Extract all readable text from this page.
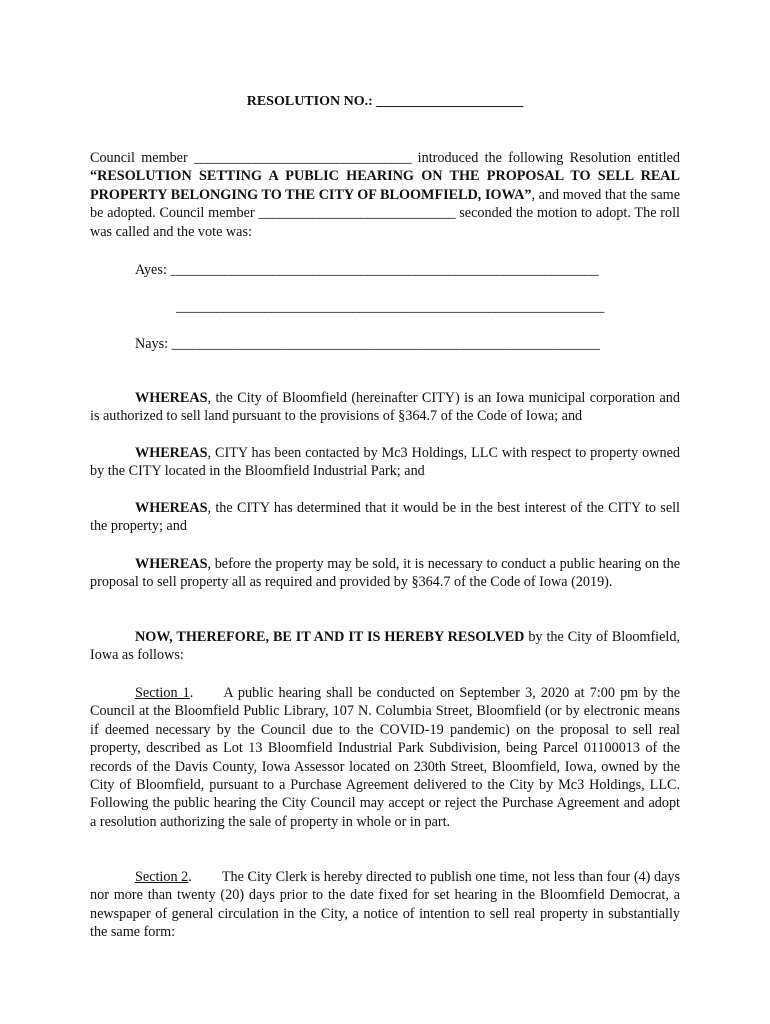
RESOLUTION NO.: _____________________
Council member ________________________________ introduced the following Resolution entitled “RESOLUTION SETTING A PUBLIC HEARING ON THE PROPOSAL TO SELL REAL PROPERTY BELONGING TO THE CITY OF BLOOMFIELD, IOWA”, and moved that the same be adopted. Council member _____________________________ seconded the motion to adopt. The roll was called and the vote was:
Ayes: _______________________________________________________________
_______________________________________________________________
Nays: _______________________________________________________________
WHEREAS, the City of Bloomfield (hereinafter CITY) is an Iowa municipal corporation and is authorized to sell land pursuant to the provisions of §364.7 of the Code of Iowa; and
WHEREAS, CITY has been contacted by Mc3 Holdings, LLC with respect to property owned by the CITY located in the Bloomfield Industrial Park; and
WHEREAS, the CITY has determined that it would be in the best interest of the CITY to sell the property; and
WHEREAS, before the property may be sold, it is necessary to conduct a public hearing on the proposal to sell property all as required and provided by §364.7 of the Code of Iowa (2019).
NOW, THEREFORE, BE IT AND IT IS HEREBY RESOLVED by the City of Bloomfield, Iowa as follows:
Section 1. A public hearing shall be conducted on September 3, 2020 at 7:00 pm by the Council at the Bloomfield Public Library, 107 N. Columbia Street, Bloomfield (or by electronic means if deemed necessary by the Council due to the COVID-19 pandemic) on the proposal to sell real property, described as Lot 13 Bloomfield Industrial Park Subdivision, being Parcel 01100013 of the records of the Davis County, Iowa Assessor located on 230th Street, Bloomfield, Iowa, owned by the City of Bloomfield, pursuant to a Purchase Agreement delivered to the City by Mc3 Holdings, LLC. Following the public hearing the City Council may accept or reject the Purchase Agreement and adopt a resolution authorizing the sale of property in whole or in part.
Section 2. The City Clerk is hereby directed to publish one time, not less than four (4) days nor more than twenty (20) days prior to the date fixed for set hearing in the Bloomfield Democrat, a newspaper of general circulation in the City, a notice of intention to sell real property in substantially the same form:
